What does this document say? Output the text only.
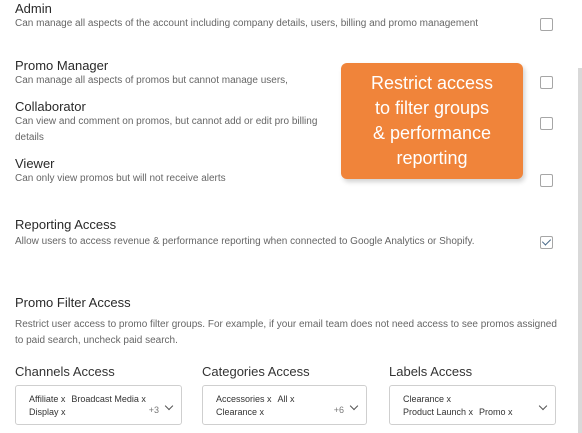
Admin
Can manage all aspects of the account including company details, users, billing and promo management
Promo Manager
Can manage all aspects of promos but cannot manage users,
Collaborator
Can view and comment on promos, but cannot add or edit pro billing details
Viewer
Can only view promos but will not receive alerts
Reporting Access
Allow users to access revenue & performance reporting when connected to Google Analytics or Shopify.
Promo Filter Access
Restrict user access to promo filter groups. For example, if your email team does not need access to see promos assigned to paid search, uncheck paid search.
Channels Access
Affiliate x Broadcast Media x
Display x	+3
Categories Access
Accessories x All x
Clearance x	+6
Labels Access
Clearance x
Product Launch x Promo x
Restrict access
to filter groups
& performance
reporting
